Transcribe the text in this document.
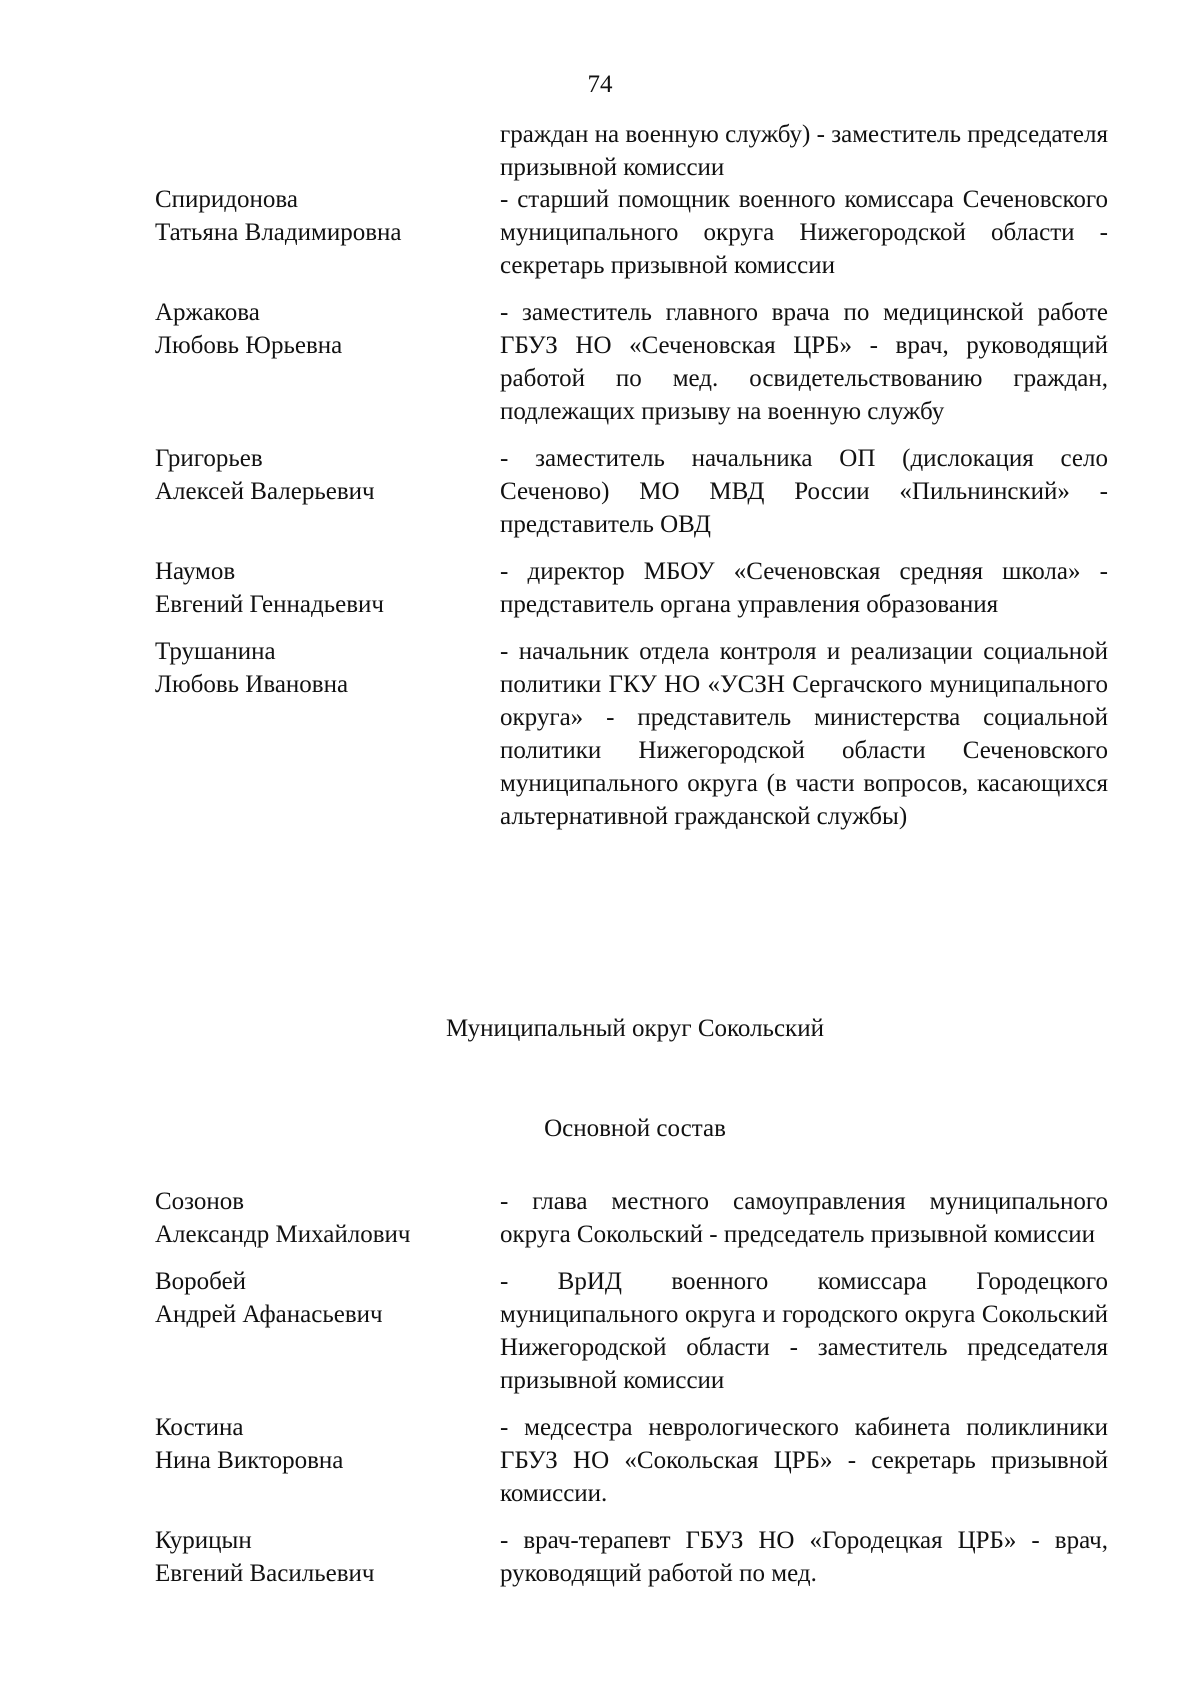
74
граждан на военную службу) - заместитель председателя призывной комиссии
Спиридонова
Татьяна Владимировна
- старший помощник военного комиссара Сеченовского муниципального округа Нижегородской области - секретарь призывной комиссии
Аржакова
Любовь Юрьевна
- заместитель главного врача по медицинской работе ГБУЗ НО «Сеченовская ЦРБ» - врач, руководящий работой по мед. освидетельствованию граждан, подлежащих призыву на военную службу
Григорьев
Алексей Валерьевич
- заместитель начальника ОП (дислокация село Сеченово) МО МВД России «Пильнинский» - представитель ОВД
Наумов
Евгений Геннадьевич
- директор МБОУ «Сеченовская средняя школа» - представитель органа управления образования
Трушанина
Любовь Ивановна
- начальник отдела контроля и реализации социальной политики ГКУ НО «УСЗН Сергачского муниципального округа» - представитель министерства социальной политики Нижегородской области Сеченовского муниципального округа (в части вопросов, касающихся альтернативной гражданской службы)
Муниципальный округ Сокольский
Основной состав
Созонов
Александр Михайлович
- глава местного самоуправления муниципального округа Сокольский - председатель призывной комиссии
Воробей
Андрей Афанасьевич
- ВрИД военного комиссара Городецкого муниципального округа и городского округа Сокольский Нижегородской области - заместитель председателя призывной комиссии
Костина
Нина Викторовна
- медсестра неврологического кабинета поликлиники ГБУЗ НО «Сокольская ЦРБ» - секретарь призывной комиссии.
Курицын
Евгений Васильевич
- врач-терапевт ГБУЗ НО «Городецкая ЦРБ» - врач, руководящий работой по мед.
